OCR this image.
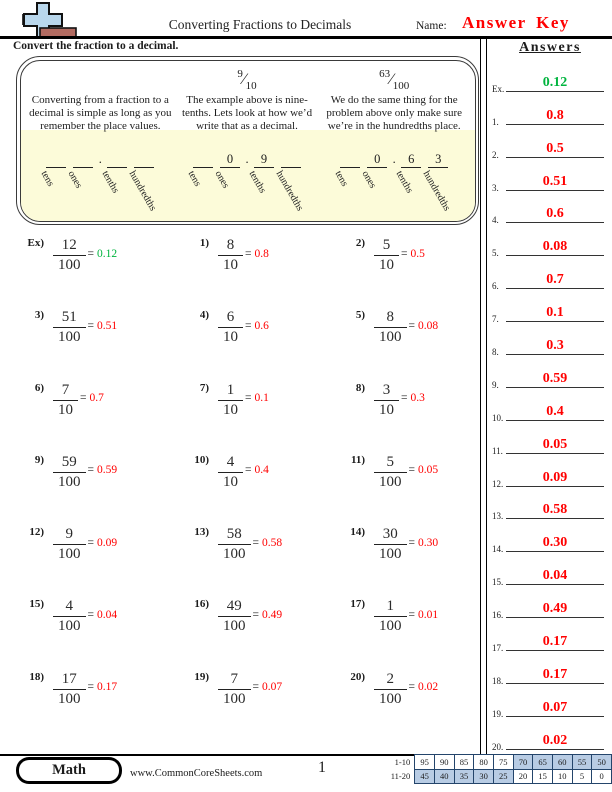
Converting Fractions to Decimals	Name: Answer Key
Convert the fraction to a decimal.
Converting from a fraction to a decimal is simple as long as you remember the place values.
tens ones
.
tenths hundredths
$^9⁄_{10}$
The example above is nine-tenths. Lets look at how we’d write that as a decimal.
tens
0
ones
. 9
tenths hundredths
$^{63}⁄_{100}$
We do the same thing for the problem above only make sure we’re in the hundredths place.
tens
0
ones
. 6
tenths
3
hundredths
$Ex) \frac{12}{100} = 0.12$
$1) \frac{8}{10} = 0.8$
$2) \frac{5}{10} = 0.5$
$3) \frac{51}{100} = 0.51$
$4) \frac{6}{10} = 0.6$
$5) \frac{8}{100} = 0.08$
$6) \frac{7}{10} = 0.7$
$7) \frac{1}{10} = 0.1$
$8) \frac{3}{10} = 0.3$
$9) \frac{59}{100} = 0.59$
$10) \frac{4}{10} = 0.4$
$11) \frac{5}{100} = 0.05$
$12) \frac{9}{100} = 0.09$
$13) \frac{58}{100} = 0.58$
$14) \frac{30}{100} = 0.30$
$15) \frac{4}{100} = 0.04$
$16) \frac{49}{100} = 0.49$
$17) \frac{1}{100} = 0.01$
$18) \frac{17}{100} = 0.17$
$19) \frac{7}{100} = 0.07$
$20) \frac{2}{100} = 0.02$
Answers
Ex.	0.12
1.	0.8
2.	0.5
3.	0.51
4.	0.6
5.	0.08
6.	0.7
7.	0.1
8.	0.3
9.	0.59
10.	0.4
11.	0.05
12.	0.09
13.	0.58
14.	0.30
15.	0.04
16.	0.49
17.	0.17
18.	0.17
19.	0.07
20.	0.02
Math	www.CommonCoreSheets.com	1	1-10	95	90	85	80	75	70	65	60	55	50
11-20	45	40	35	30	25	20	15	10	5	0
